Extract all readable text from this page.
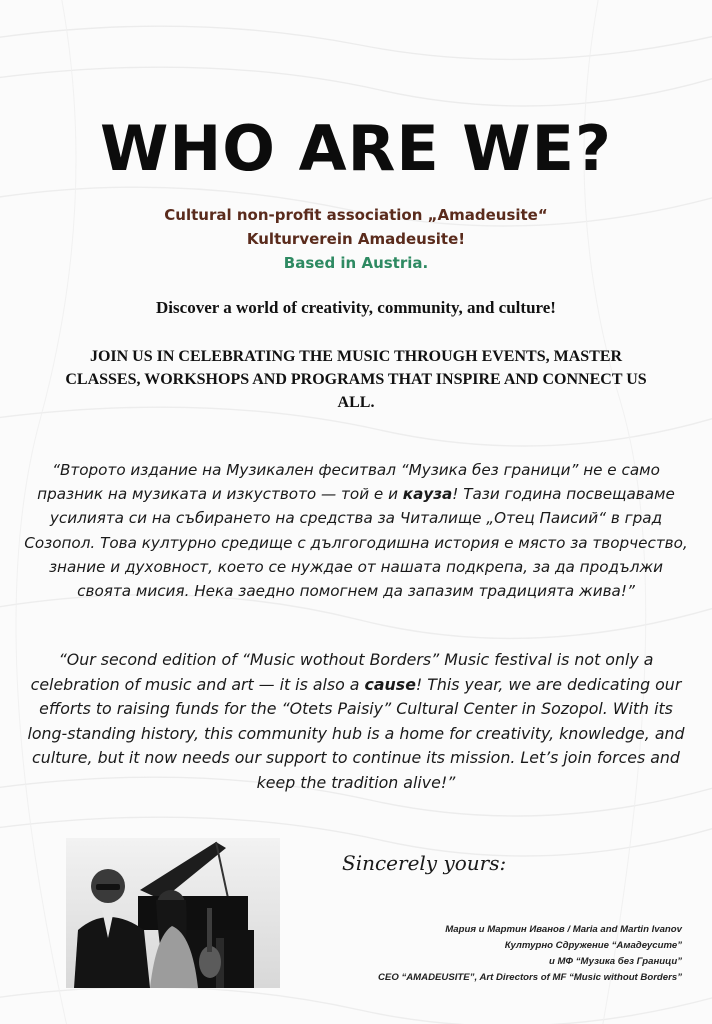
WHO ARE WE?
Cultural non-profit association „Amadeusite“
Kulturverein Amadeusite!
Based in Austria.
Discover a world of creativity, community, and culture!
JOIN US IN CELEBRATING THE MUSIC THROUGH EVENTS, MASTER CLASSES, WORKSHOPS AND PROGRAMS THAT INSPIRE AND CONNECT US ALL.

“Второто издание на Музикален феситвал “Музика без граници” не е само празник на музиката и изкуството — той е и кауза! Тази година посвещаваме усилията си на събирането на средства за Читалище „Отец Паисий“ в град Созопол. Това културно средище с дългогодишна история е място за творчество, знание и духовност, което се нуждае от нашата подкрепа, за да продължи своята мисия. Нека заедно помогнем да запазим традицията жива!”

“Our second edition of “Music wothout Borders” Music festival is not only a celebration of music and art — it is also a cause! This year, we are dedicating our efforts to raising funds for the “Otets Paisiy” Cultural Center in Sozopol. With its long-standing history, this community hub is a home for creativity, knowledge, and culture, but it now needs our support to continue its mission. Let’s join forces and keep the tradition alive!”

Sincerely yours:
Мария и Мартин Иванов / Maria and Martin Ivanov
Културно Сдружение “Амадеусите”
и МФ “Музика без Граници”
CEO “AMADEUSITE”, Art Directors of MF “Music without Borders”
